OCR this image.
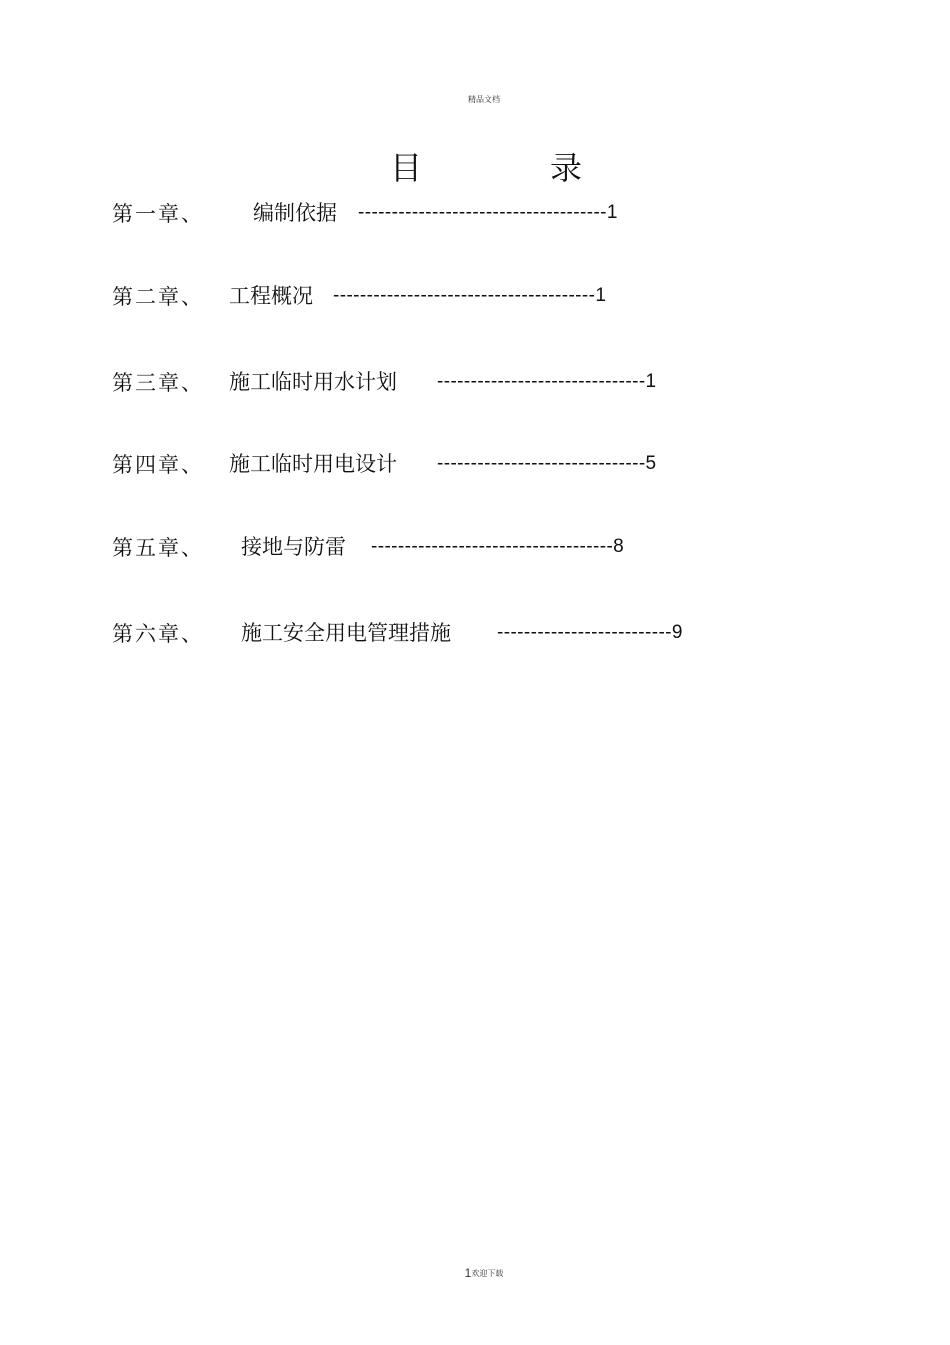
精品文档
目	录
第一章、 编制依据 -------------------------------------1
第二章、 工程概况 ---------------------------------------1
第三章、 施工临时用水计划 -------------------------------1
第四章、 施工临时用电设计 -------------------------------5
第五章、 接地与防雷 ------------------------------------8
第六章、 施工安全用电管理措施 --------------------------9
1欢迎下载
